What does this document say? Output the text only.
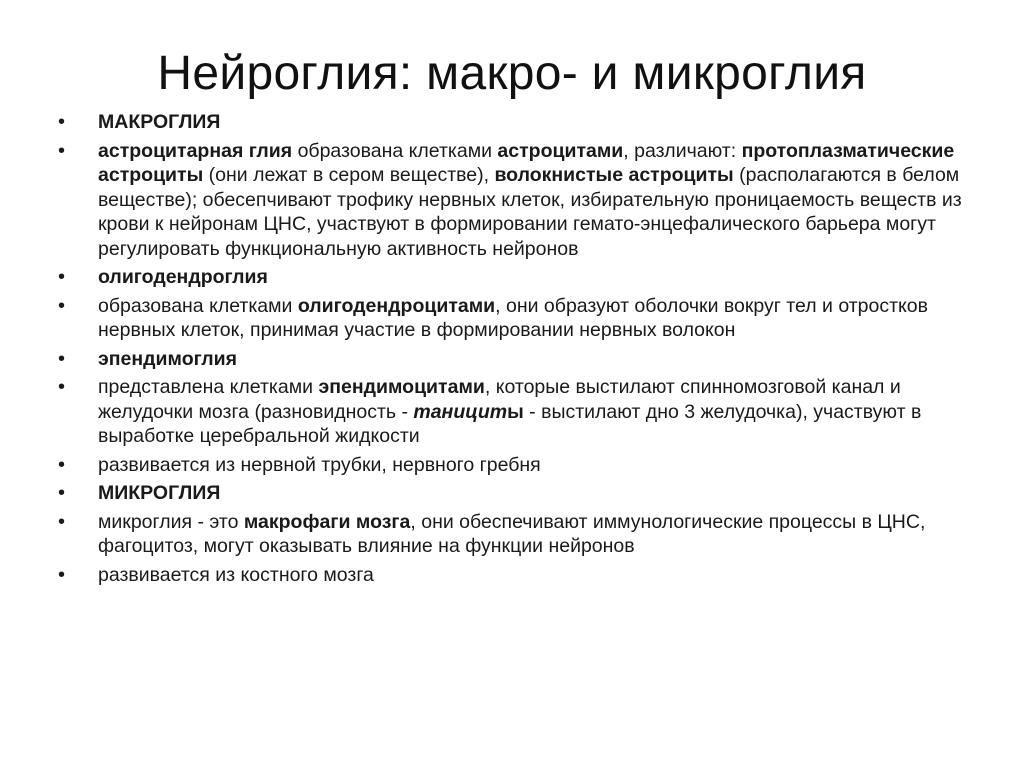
Нейроглия: макро- и микроглия
•	МАКРОГЛИЯ
•	астроцитарная глия образована клетками астроцитами, различают: протоплазматические астроциты (они лежат в сером веществе), волокнистые астроциты (располагаются в белом веществе); обесепчивают трофику нервных клеток, избирательную проницаемость веществ из крови к нейронам ЦНС, участвуют в формировании гемато-энцефалического барьера могут регулировать функциональную активность нейронов
•	олигодендроглия
•	образована клетками олигодендроцитами, они образуют оболочки вокруг тел и отростков нервных клеток, принимая участие в формировании нервных волокон
•	эпендимоглия
•	представлена клетками эпендимоцитами, которые выстилают спинномозговой канал и желудочки мозга (разновидность - танициты - выстилают дно 3 желудочка), участвуют в выработке церебральной жидкости
•	развивается из нервной трубки, нервного гребня
•	МИКРОГЛИЯ
•	микроглия - это макрофаги мозга, они обеспечивают иммунологические процессы в ЦНС, фагоцитоз, могут оказывать влияние на функции нейронов
•	развивается из костного мозга
